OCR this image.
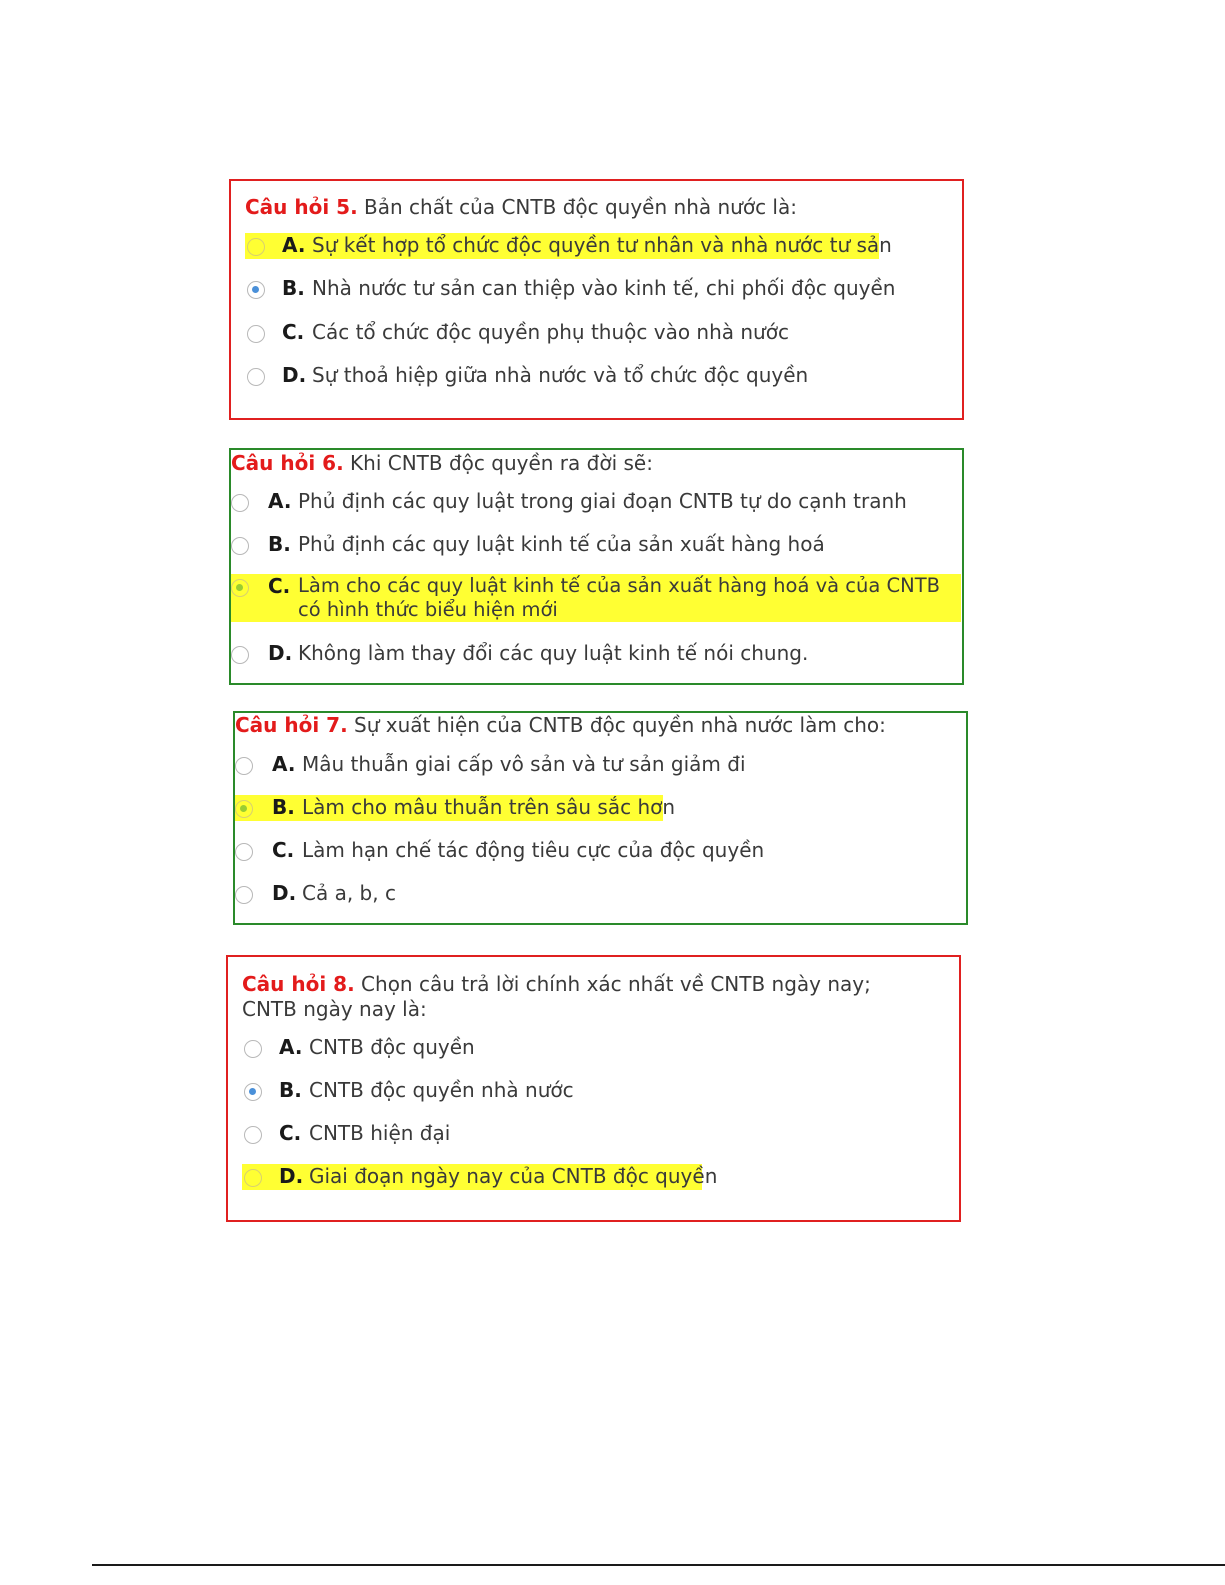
Câu hỏi 5. Bản chất của CNTB độc quyền nhà nước là:
A. Sự kết hợp tổ chức độc quyền tư nhân và nhà nước tư sản
B. Nhà nước tư sản can thiệp vào kinh tế, chi phối độc quyền
C. Các tổ chức độc quyền phụ thuộc vào nhà nước
D. Sự thoả hiệp giữa nhà nước và tổ chức độc quyền
Câu hỏi 6. Khi CNTB độc quyền ra đời sẽ:
A. Phủ định các quy luật trong giai đoạn CNTB tự do cạnh tranh
B. Phủ định các quy luật kinh tế của sản xuất hàng hoá
C. Làm cho các quy luật kinh tế của sản xuất hàng hoá và của CNTB có hình thức biểu hiện mới
D. Không làm thay đổi các quy luật kinh tế nói chung.
Câu hỏi 7. Sự xuất hiện của CNTB độc quyền nhà nước làm cho:
A. Mâu thuẫn giai cấp vô sản và tư sản giảm đi
B. Làm cho mâu thuẫn trên sâu sắc hơn
C. Làm hạn chế tác động tiêu cực của độc quyền
D. Cả a, b, c
Câu hỏi 8. Chọn câu trả lời chính xác nhất về CNTB ngày nay; CNTB ngày nay là:
A. CNTB độc quyền
B. CNTB độc quyền nhà nước
C. CNTB hiện đại
D. Giai đoạn ngày nay của CNTB độc quyền
